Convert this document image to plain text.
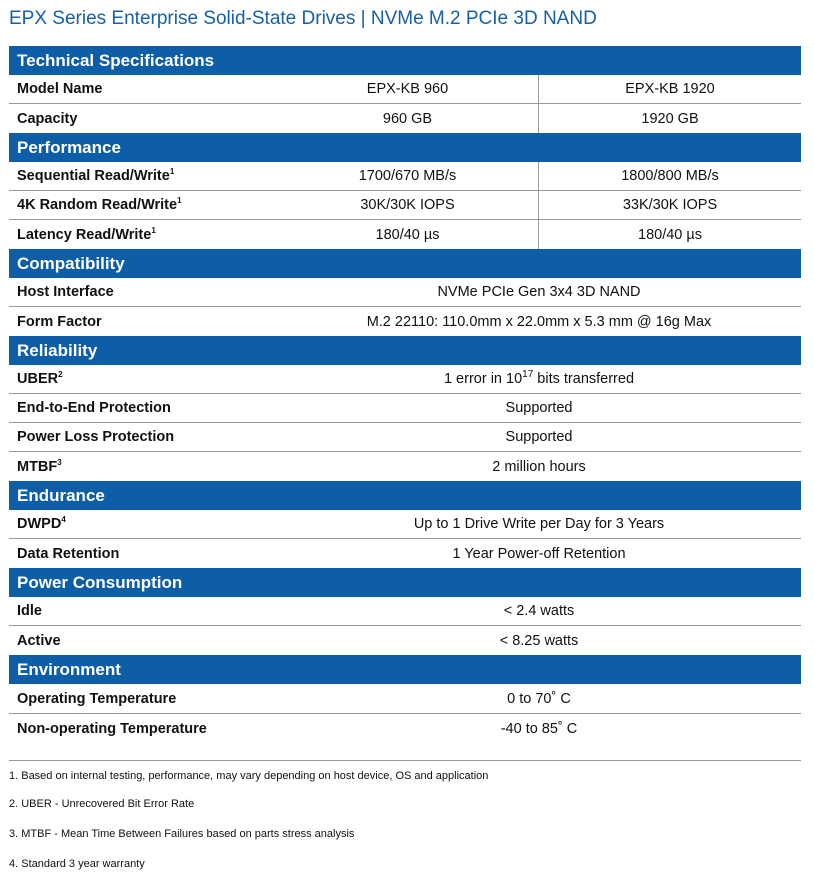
EPX Series Enterprise Solid-State Drives | NVMe M.2 PCIe 3D NAND
Technical Specifications
Model Name	EPX-KB 960	EPX-KB 1920
Capacity	960 GB	1920 GB
Performance
Sequential Read/Write$^1$	1700/670 MB/s	1800/800 MB/s
4K Random Read/Write$^1$	30K/30K IOPS	33K/30K IOPS
Latency Read/Write$^1$	180/40 µs	180/40 µs
Compatibility
Host Interface	NVMe PCIe Gen 3x4 3D NAND
Form Factor	M.2 22110: 110.0mm x 22.0mm x 5.3 mm @ 16g Max
Reliability
UBER$^2$	1 error in $10^{17}$ bits transferred
End-to-End Protection	Supported
Power Loss Protection	Supported
MTBF$^3$	2 million hours
Endurance
DWPD$^4$	Up to 1 Drive Write per Day for 3 Years
Data Retention	1 Year Power-off Retention
Power Consumption
Idle	< 2.4 watts
Active	< 8.25 watts
Environment
Operating Temperature	0 to 70˚ C
Non-operating Temperature	-40 to 85˚ C
1. Based on internal testing, performance, may vary depending on host device, OS and application
2. UBER - Unrecovered Bit Error Rate
3. MTBF - Mean Time Between Failures based on parts stress analysis
4. Standard 3 year warranty
